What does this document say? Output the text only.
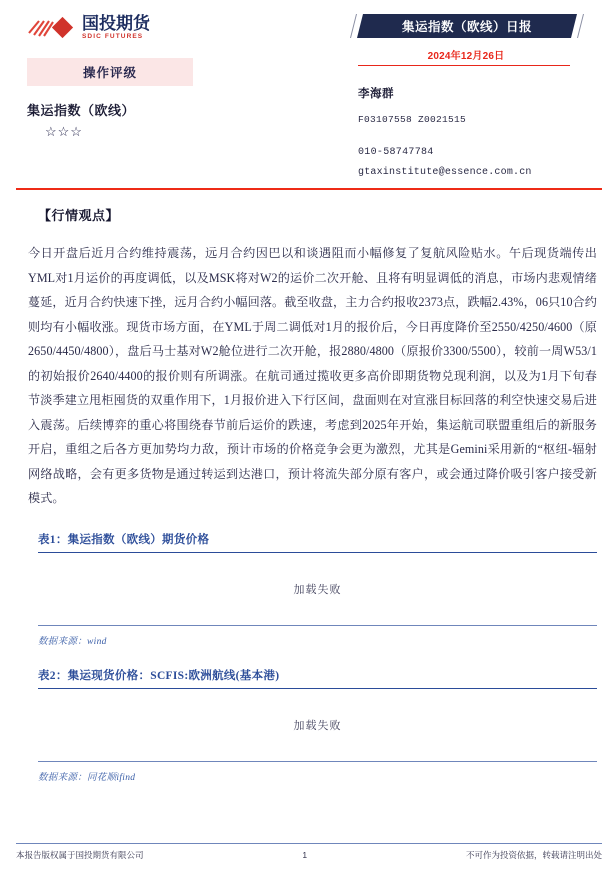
国投期货
SDIC FUTURES
操作评级
集运指数（欧线）
☆☆☆
集运指数（欧线）日报
2024年12月26日
李海群
F03107558 Z0021515
010-58747784
gtaxinstitute@essence.com.cn
【行情观点】
今日开盘后近月合约维持震荡，远月合约因巴以和谈遇阻而小幅修复了复航风险贴水。午后现货端传出YML对1月运价的再度调低，以及MSK将对W2的运价二次开舱、且将有明显调低的消息，市场内悲观情绪蔓延，近月合约快速下挫，远月合约小幅回落。截至收盘，主力合约报收2373点，跌幅2.43%，06只10合约则均有小幅收涨。现货市场方面，在YML于周二调低对1月的报价后，今日再度降价至2550/4250/4600（原2650/4450/4800），盘后马士基对W2舱位进行二次开舱，报2880/4800（原报价3300/5500），较前一周W53/1的初始报价2640/4400的报价则有所调涨。在航司通过揽收更多高价即期货物兑现利润，以及为1月下旬春节淡季建立甩柜囤货的双重作用下，1月报价进入下行区间，盘面则在对宣涨目标回落的利空快速交易后进入震荡。后续博弈的重心将围绕春节前后运价的跌速，考虑到2025年开始，集运航司联盟重组后的新服务开启，重组之后各方更加势均力敌，预计市场的价格竞争会更为激烈，尤其是Gemini采用新的“枢纽-辐射网络战略，会有更多货物是通过转运到达港口，预计将流失部分原有客户，或会通过降价吸引客户接受新模式。
表1：集运指数（欧线）期货价格
加载失败
数据来源：wind
表2：集运现货价格：SCFIS:欧洲航线(基本港)
加载失败
数据来源：同花顺ifind
本报告版权属于国投期货有限公司	1	不可作为投资依据，转载请注明出处
